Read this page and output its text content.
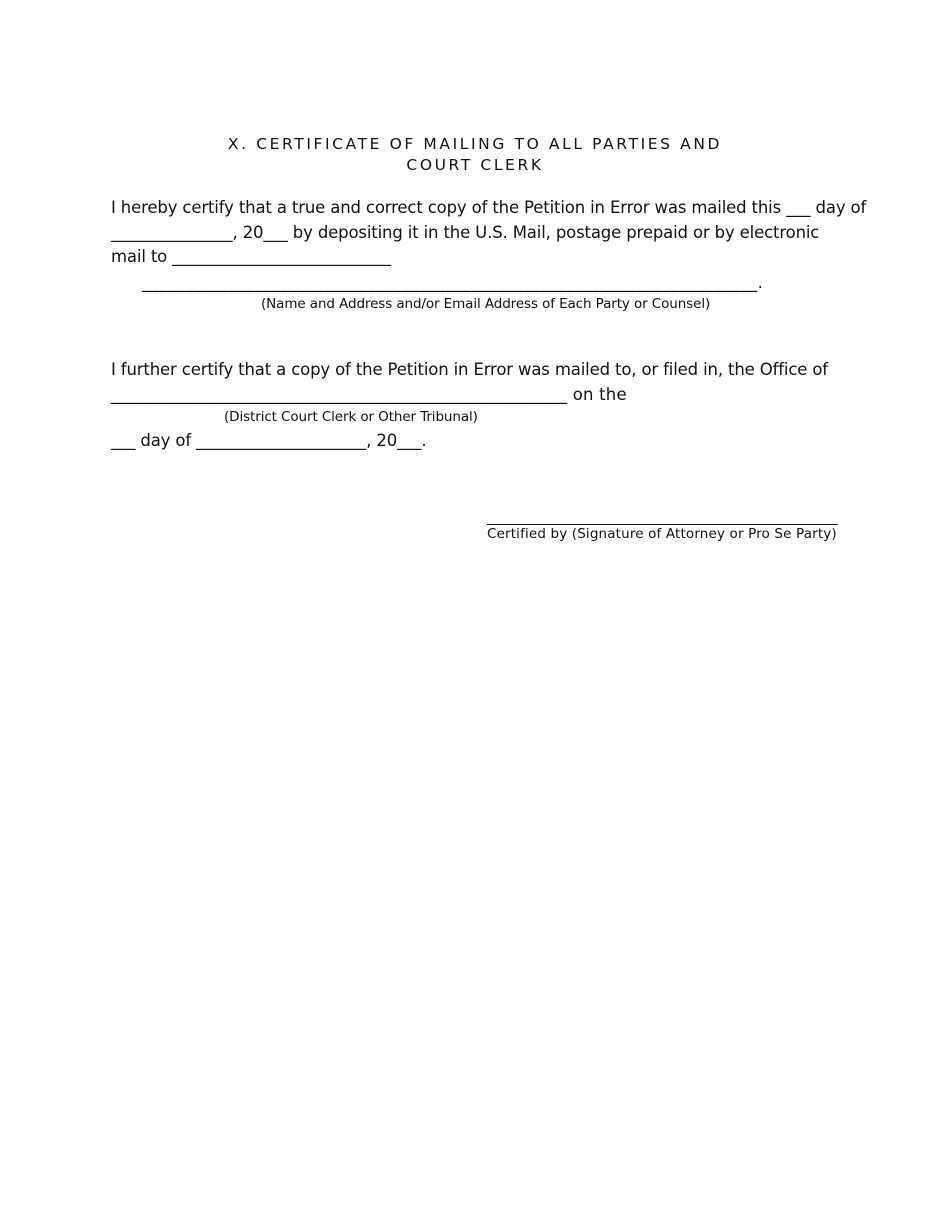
X. CERTIFICATE OF MAILING TO ALL PARTIES AND
COURT CLERK
I hereby certify that a true and correct copy of the Petition in Error was mailed this ___ day of
_______________, 20___ by depositing it in the U.S. Mail, postage prepaid or by electronic
mail to ___________________________
_______________________________________________________________________.
(Name and Address and/or Email Address of Each Party or Counsel)
I further certify that a copy of the Petition in Error was mailed to, or filed in, the Office of
______________________________________________________ on the
(District Court Clerk or Other Tribunal)
___ day of _____________________, 20___.
Certified by (Signature of Attorney or Pro Se Party)
